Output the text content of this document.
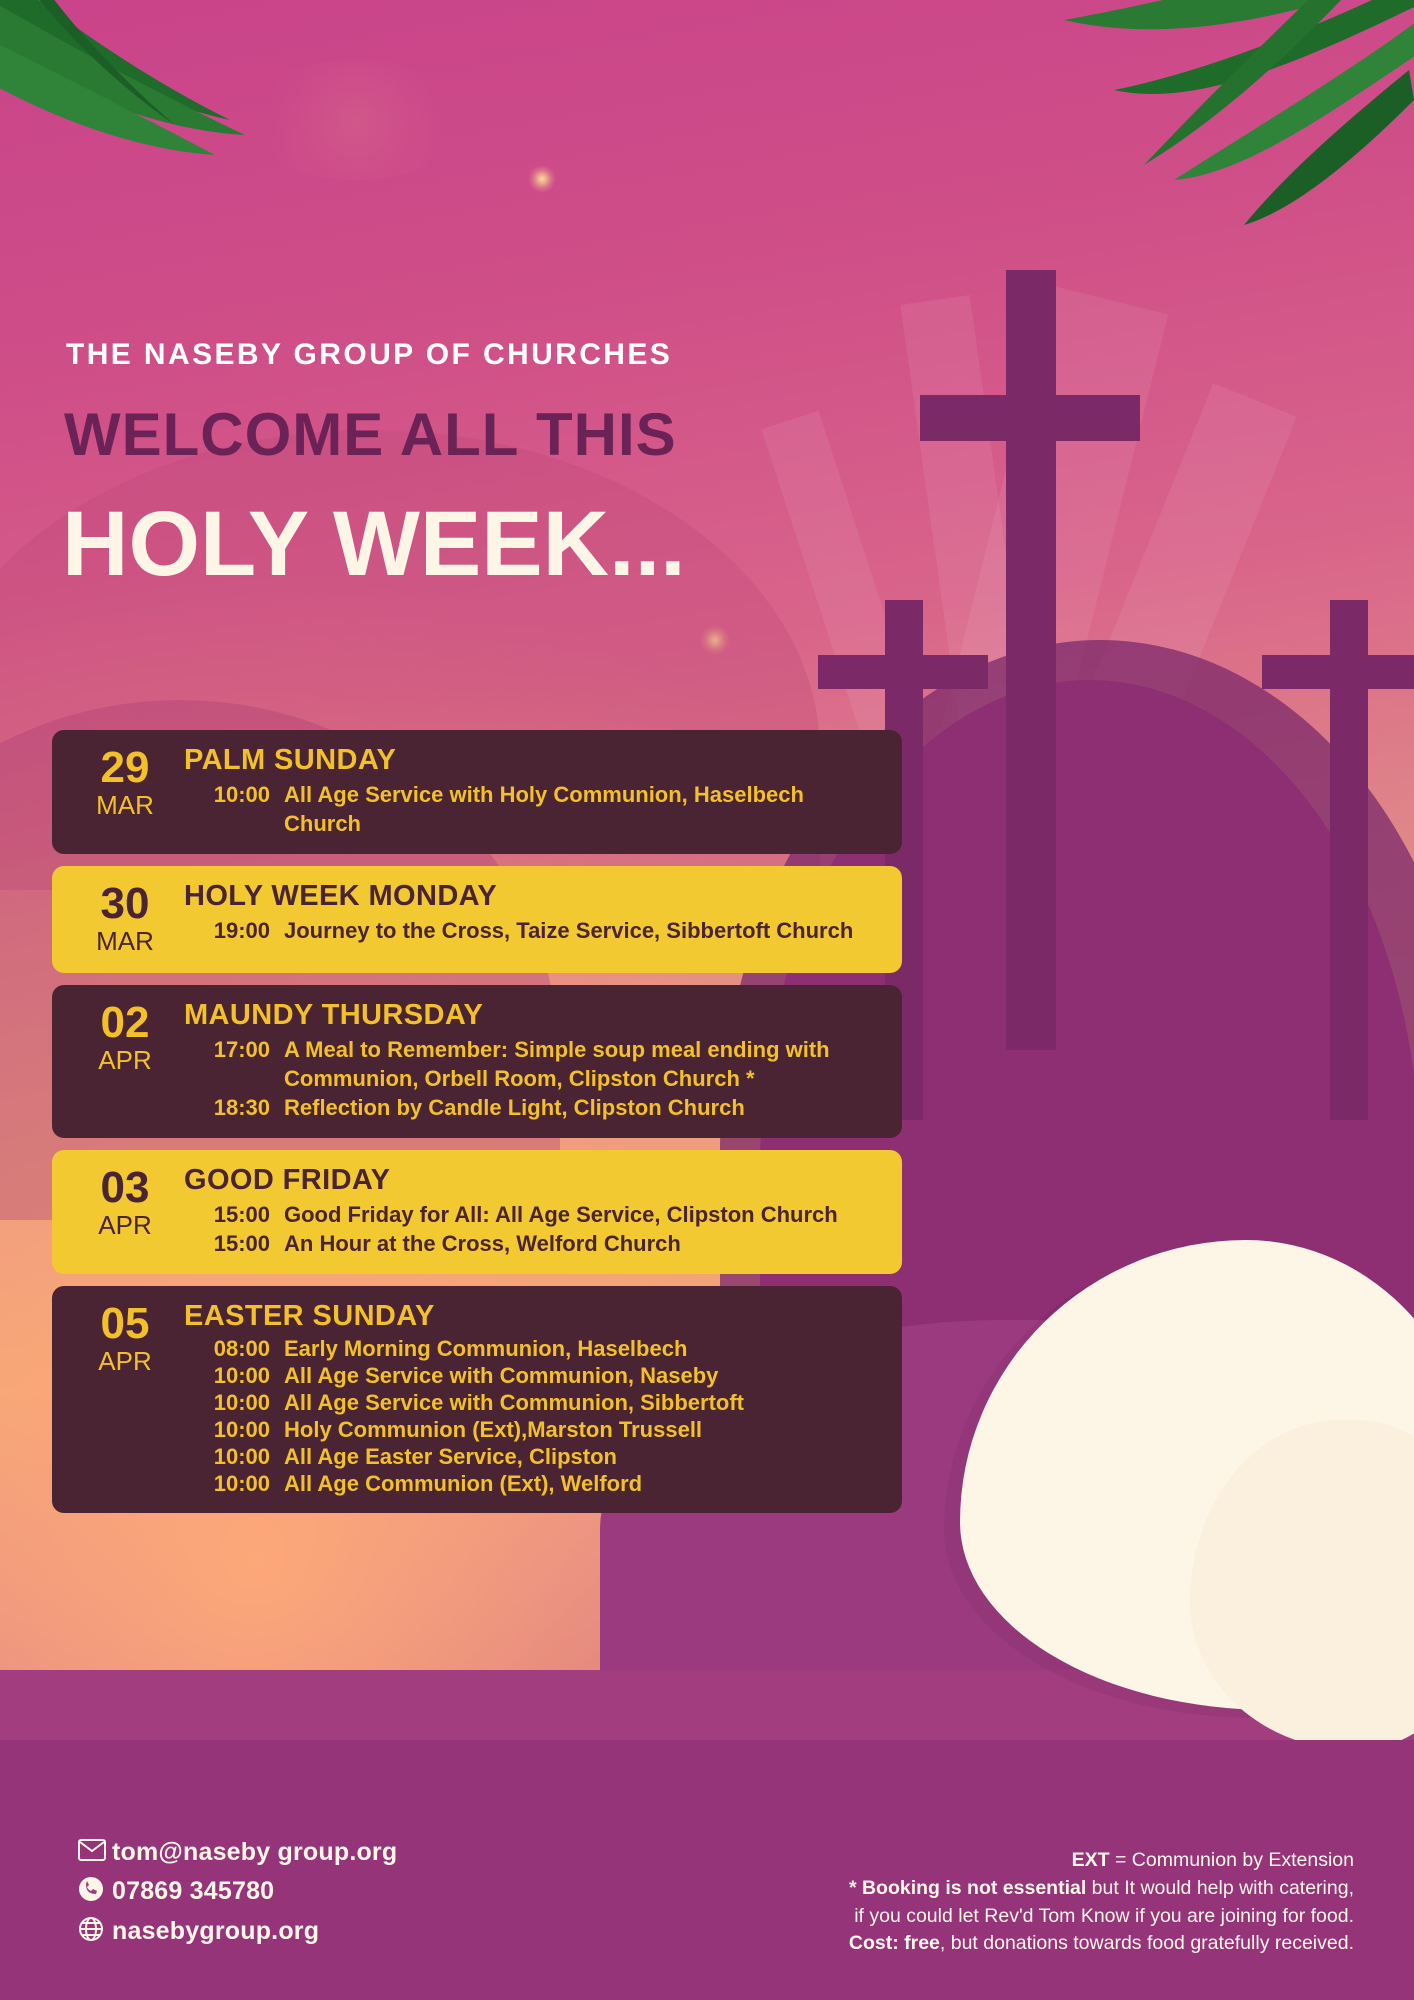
THE NASEBY GROUP OF CHURCHES
WELCOME ALL THIS
HOLY WEEK...
29
MAR
PALM SUNDAY
10:00 All Age Service with Holy Communion, Haselbech Church
30
MAR
HOLY WEEK MONDAY
19:00 Journey to the Cross, Taize Service, Sibbertoft Church
02
APR
MAUNDY THURSDAY
17:00 A Meal to Remember: Simple soup meal ending with Communion, Orbell Room, Clipston Church *
18:30 Reflection by Candle Light, Clipston Church
03
APR
GOOD FRIDAY
15:00 Good Friday for All: All Age Service, Clipston Church
15:00 An Hour at the Cross, Welford Church
05
APR
EASTER SUNDAY
08:00 Early Morning Communion, Haselbech
10:00 All Age Service with Communion, Naseby
10:00 All Age Service with Communion, Sibbertoft
10:00 Holy Communion (Ext),Marston Trussell
10:00 All Age Easter Service, Clipston
10:00 All Age Communion (Ext), Welford
tom@naseby group.org
07869 345780
nasebygroup.org
EXT = Communion by Extension
* Booking is not essential but It would help with catering,
if you could let Rev'd Tom Know if you are joining for food.
Cost: free, but donations towards food gratefully received.
